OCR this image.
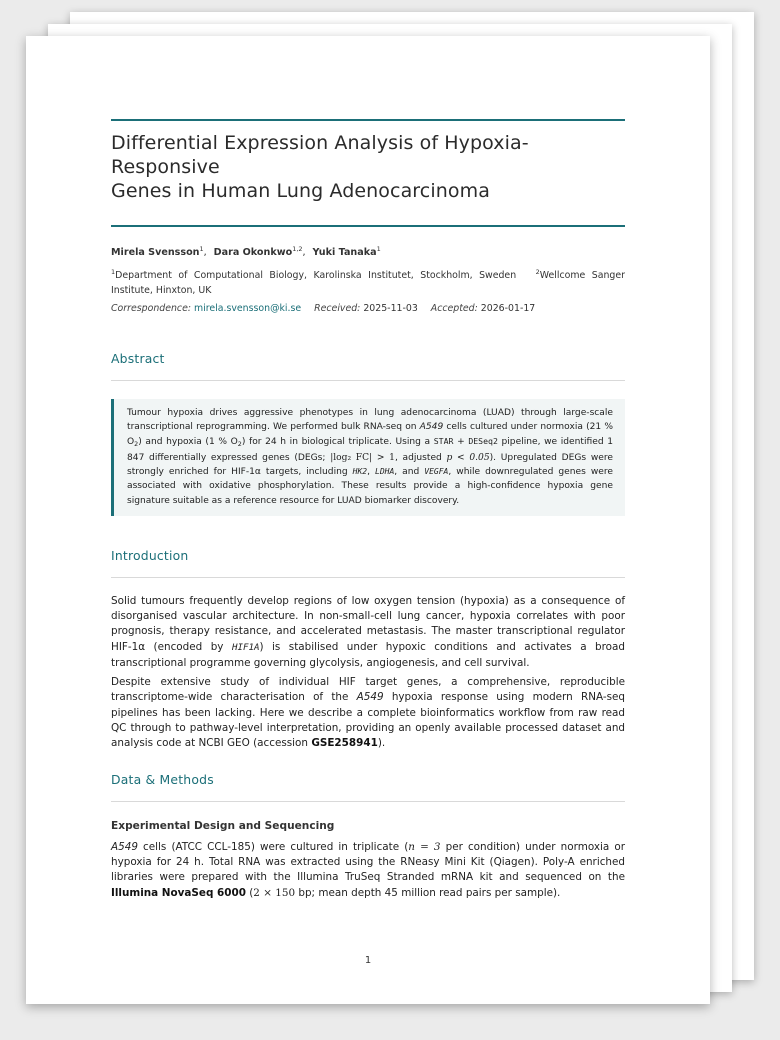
Differential Expression Analysis of Hypoxia-Responsive
Genes in Human Lung Adenocarcinoma
Mirela Svensson$^1$, Dara Okonkwo$^{1,2}$, Yuki Tanaka$^1$
$^1$Department of Computational Biology, Karolinska Institutet, Stockholm, Sweden	$^2$Wellcome Sanger Institute, Hinxton, UK
Correspondence: mirela.svensson@ki.se Received: 2025-11-03 Accepted: 2026-01-17
Abstract
Tumour hypoxia drives aggressive phenotypes in lung adenocarcinoma (LUAD) through large-scale transcriptional reprogramming. We performed bulk RNA-seq on A549 cells cultured under normoxia (21 % $O_2$) and hypoxia (1 % $O_2$) for 24 h in biological triplicate. Using a STAR + DESeq2 pipeline, we identified 1 847 differentially expressed genes (DEGs; |log₂ FC| > 1, adjusted p < 0.05). Upregulated DEGs were strongly enriched for HIF-1α targets, including HK2, LDHA, and VEGFA, while downregulated genes were associated with oxidative phosphorylation. These results provide a high-confidence hypoxia gene signature suitable as a reference resource for LUAD biomarker discovery.
Introduction

Solid tumours frequently develop regions of low oxygen tension (hypoxia) as a consequence of disorganised vascular architecture. In non-small-cell lung cancer, hypoxia correlates with poor prognosis, therapy resistance, and accelerated metastasis. The master transcriptional regulator HIF-1α (encoded by HIF1A) is stabilised under hypoxic conditions and activates a broad transcriptional programme governing glycolysis, angiogenesis, and cell survival.

Despite extensive study of individual HIF target genes, a comprehensive, reproducible transcriptome-wide characterisation of the A549 hypoxia response using modern RNA-seq pipelines has been lacking. Here we describe a complete bioinformatics workflow from raw read QC through to pathway-level interpretation, providing an openly available processed dataset and analysis code at NCBI GEO (accession GSE258941).

Data & Methods
Experimental Design and Sequencing

A549 cells (ATCC CCL-185) were cultured in triplicate (n = 3 per condition) under normoxia or hypoxia for 24 h. Total RNA was extracted using the RNeasy Mini Kit (Qiagen). Poly-A enriched libraries were prepared with the Illumina TruSeq Stranded mRNA kit and sequenced on the Illumina NovaSeq 6000 (2 × 150 bp; mean depth 45 million read pairs per sample).

1
